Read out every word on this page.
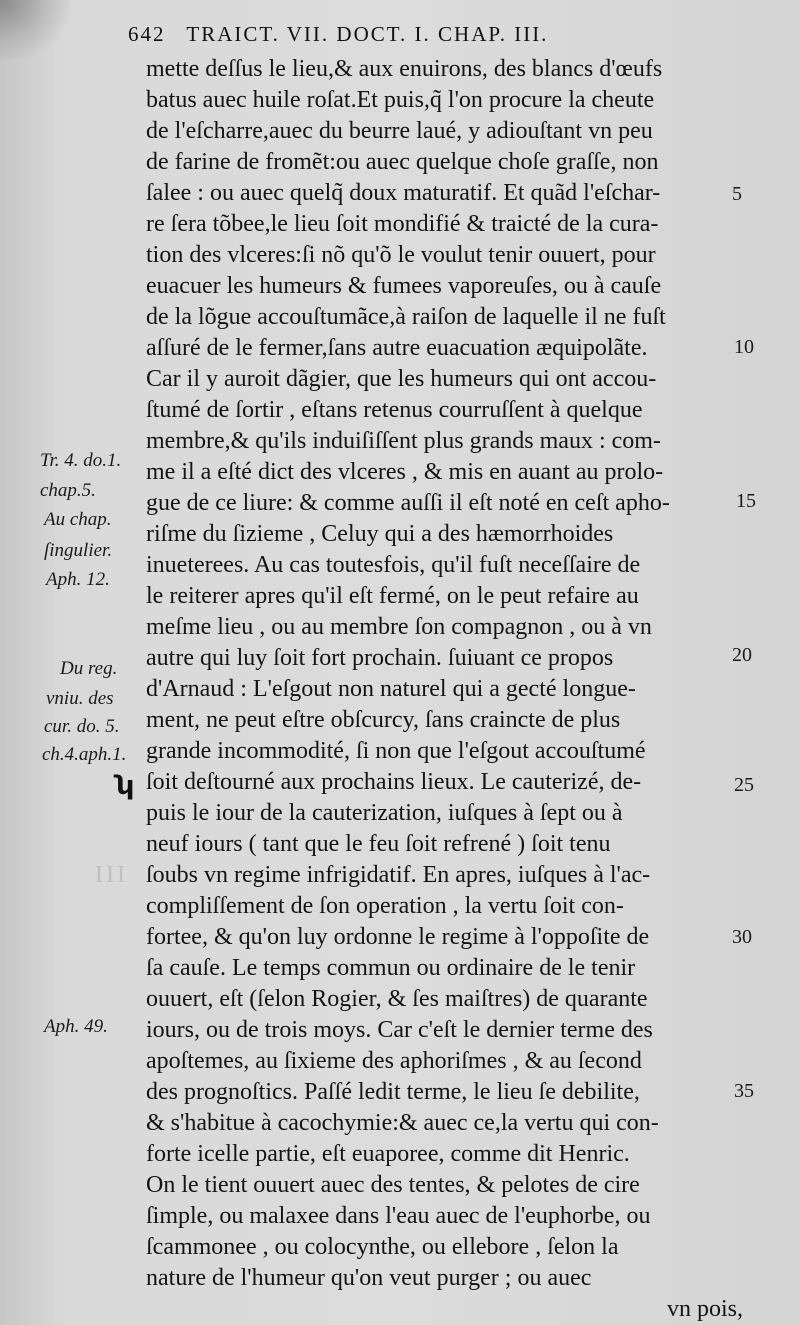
642 TRAICT. VII. DOCT. I. CHAP. III.
III
mette deſſus le lieu,& aux enuirons, des blancs d'œufs
batus auec huile roſat.Et puis,q̃ l'on procure la cheute
de l'eſcharre,auec du beurre laué, y adiouſtant vn peu
de farine de fromẽt:ou auec quelque choſe graſſe, non
ſalee : ou auec quelq̃ doux maturatif. Et quãd l'eſchar-
re ſera tõbee,le lieu ſoit mondifié & traicté de la cura-
tion des vlceres:ſi nõ qu'õ le voulut tenir ouuert, pour
euacuer les humeurs & fumees vaporeuſes, ou à cauſe
de la lõgue accouſtumãce,à raiſon de laquelle il ne fuſt
aſſuré de le fermer,ſans autre euacuation æquipolãte.
Car il y auroit dãgier, que les humeurs qui ont accou-
ſtumé de ſortir , eſtans retenus courruſſent à quelque
membre,& qu'ils induiſiſſent plus grands maux : com-
me il a eſté dict des vlceres , & mis en auant au prolo-
gue de ce liure: & comme auſſi il eſt noté en ceſt apho-
riſme du ſizieme , Celuy qui a des hæmorrhoides
inueterees. Au cas toutesfois, qu'il fuſt neceſſaire de
le reiterer apres qu'il eſt fermé, on le peut refaire au
meſme lieu , ou au membre ſon compagnon , ou à vn
autre qui luy ſoit fort prochain. ſuiuant ce propos
d'Arnaud : L'eſgout non naturel qui a gecté longue-
ment, ne peut eſtre obſcurcy, ſans craincte de plus
grande incommodité, ſi non que l'eſgout accouſtumé
ſoit deſtourné aux prochains lieux. Le cauterizé, de-
puis le iour de la cauterization, iuſques à ſept ou à
neuf iours ( tant que le feu ſoit refrené ) ſoit tenu
ſoubs vn regime infrigidatif. En apres, iuſques à l'ac-
compliſſement de ſon operation , la vertu ſoit con-
fortee, & qu'on luy ordonne le regime à l'oppoſite de
ſa cauſe. Le temps commun ou ordinaire de le tenir
ouuert, eſt (ſelon Rogier, & ſes maiſtres) de quarante
iours, ou de trois moys. Car c'eſt le dernier terme des
apoſtemes, au ſixieme des aphoriſmes , & au ſecond
des prognoſtics. Paſſé ledit terme, le lieu ſe debilite,
& s'habitue à cacochymie:& auec ce,la vertu qui con-
forte icelle partie, eſt euaporee, comme dit Henric.
On le tient ouuert auec des tentes, & pelotes de cire
ſimple, ou malaxee dans l'eau auec de l'euphorbe, ou
ſcammonee , ou colocynthe, ou ellebore , ſelon la
nature de l'humeur qu'on veut purger ; ou auec
vn pois,
Tr. 4. do.1.
chap.5.
Au chap.
ſingulier.
Aph. 12.
Du reg.
vniu. des
cur. do. 5.
ch.4.aph.1.
Aph. 49.
ʮ
5
10
15
20
25
30
35
